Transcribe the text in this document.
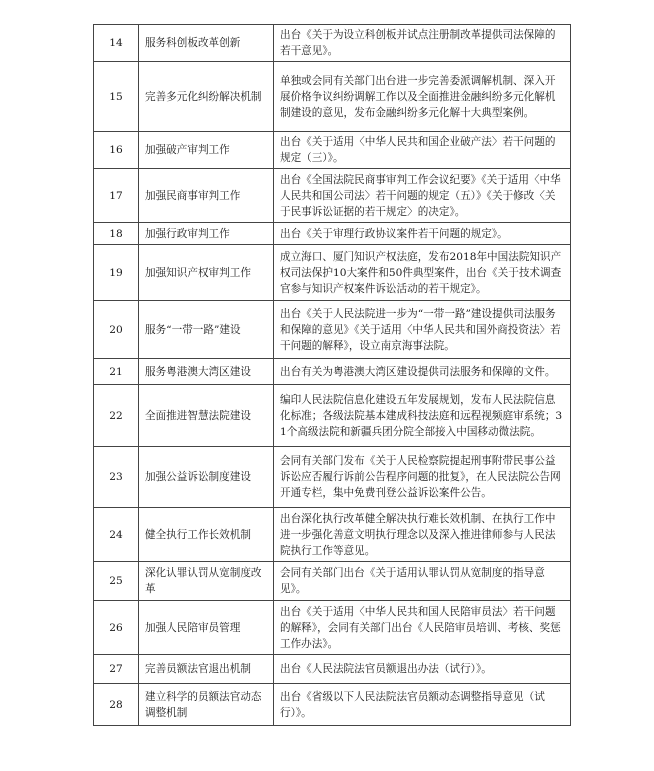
14	服务科创板改革创新	出台《关于为设立科创板并试点注册制改革提供司法保障的若干意见》。
15	完善多元化纠纷解决机制	单独或会同有关部门出台进一步完善委派调解机制、深入开展价格争议纠纷调解工作以及全面推进金融纠纷多元化解机制建设的意见，发布金融纠纷多元化解十大典型案例。
16	加强破产审判工作	出台《关于适用〈中华人民共和国企业破产法〉若干问题的规定（三）》。
17	加强民商事审判工作	出台《全国法院民商事审判工作会议纪要》《关于适用〈中华人民共和国公司法〉若干问题的规定（五）》《关于修改〈关于民事诉讼证据的若干规定〉的决定》。
18	加强行政审判工作	出台《关于审理行政协议案件若干问题的规定》。
19	加强知识产权审判工作	成立海口、厦门知识产权法庭，发布2018年中国法院知识产权司法保护10大案件和50件典型案件，出台《关于技术调查官参与知识产权案件诉讼活动的若干规定》。
20	服务“一带一路”建设	出台《关于人民法院进一步为“一带一路”建设提供司法服务和保障的意见》《关于适用〈中华人民共和国外商投资法〉若干问题的解释》，设立南京海事法院。
21	服务粤港澳大湾区建设	出台有关为粤港澳大湾区建设提供司法服务和保障的文件。
22	全面推进智慧法院建设	编印人民法院信息化建设五年发展规划，发布人民法院信息化标准；各级法院基本建成科技法庭和远程视频庭审系统；31个高级法院和新疆兵团分院全部接入中国移动微法院。
23	加强公益诉讼制度建设	会同有关部门发布《关于人民检察院提起刑事附带民事公益诉讼应否履行诉前公告程序问题的批复》，在人民法院公告网开通专栏，集中免费刊登公益诉讼案件公告。
24	健全执行工作长效机制	出台深化执行改革健全解决执行难长效机制、在执行工作中进一步强化善意文明执行理念以及深入推进律师参与人民法院执行工作等意见。
25	深化认罪认罚从宽制度改革	会同有关部门出台《关于适用认罪认罚从宽制度的指导意见》。
26	加强人民陪审员管理	出台《关于适用〈中华人民共和国人民陪审员法〉若干问题的解释》，会同有关部门出台《人民陪审员培训、考核、奖惩工作办法》。
27	完善员额法官退出机制	出台《人民法院法官员额退出办法（试行）》。
28	建立科学的员额法官动态调整机制	出台《省级以下人民法院法官员额动态调整指导意见（试行）》。
